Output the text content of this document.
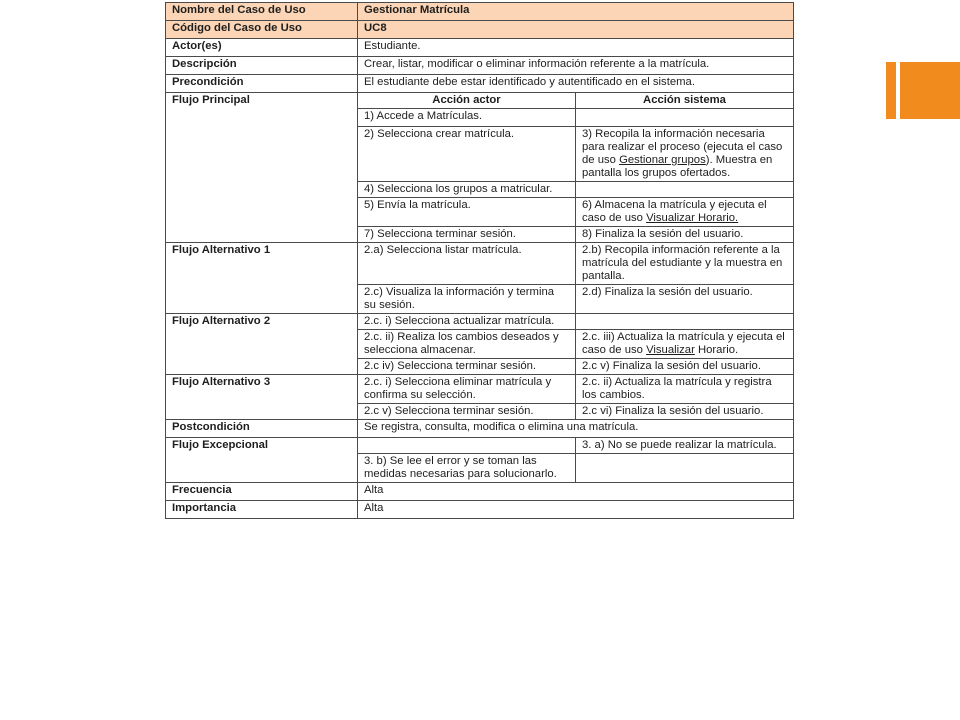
Nombre del Caso de Uso	Gestionar Matrícula	
Código del Caso de Uso	UC8	
Actor(es)	Estudiante.	
Descripción	Crear, listar, modificar o eliminar información referente a la matrícula.	
Precondición	El estudiante debe estar identificado y autentificado en el sistema.	
Flujo Principal	Acción actor	Acción sistema
	1) Accede a Matrículas.	
	2) Selecciona crear matrícula.	3) Recopila la información necesaria para realizar el proceso (ejecuta el caso de uso Gestionar grupos). Muestra en pantalla los grupos ofertados.
	4) Selecciona los grupos a matricular.	
	5) Envía la matrícula.	6) Almacena la matrícula y ejecuta el caso de uso Visualizar Horario.
	7) Selecciona terminar sesión.	8) Finaliza la sesión del usuario.
Flujo Alternativo 1	2.a) Selecciona listar matrícula.	2.b) Recopila información referente a la matrícula del estudiante y la muestra en pantalla.
	2.c) Visualiza la información y termina su sesión.	2.d) Finaliza la sesión del usuario.
Flujo Alternativo 2	2.c. i) Selecciona actualizar matrícula.	
	2.c. ii) Realiza los cambios deseados y selecciona almacenar.	2.c. iii) Actualiza la matrícula y ejecuta el caso de uso Visualizar Horario.
	2.c iv) Selecciona terminar sesión.	2.c v) Finaliza la sesión del usuario.
Flujo Alternativo 3	2.c. i) Selecciona eliminar matrícula y confirma su selección.	2.c. ii) Actualiza la matrícula y registra los cambios.
	2.c v) Selecciona terminar sesión.	2.c vi) Finaliza la sesión del usuario.
Postcondición	Se registra, consulta, modifica o elimina una matrícula.	
Flujo Excepcional		3. a) No se puede realizar la matrícula.
	3. b) Se lee el error y se toman las medidas necesarias para solucionarlo.	
Frecuencia	Alta	
Importancia	Alta	
